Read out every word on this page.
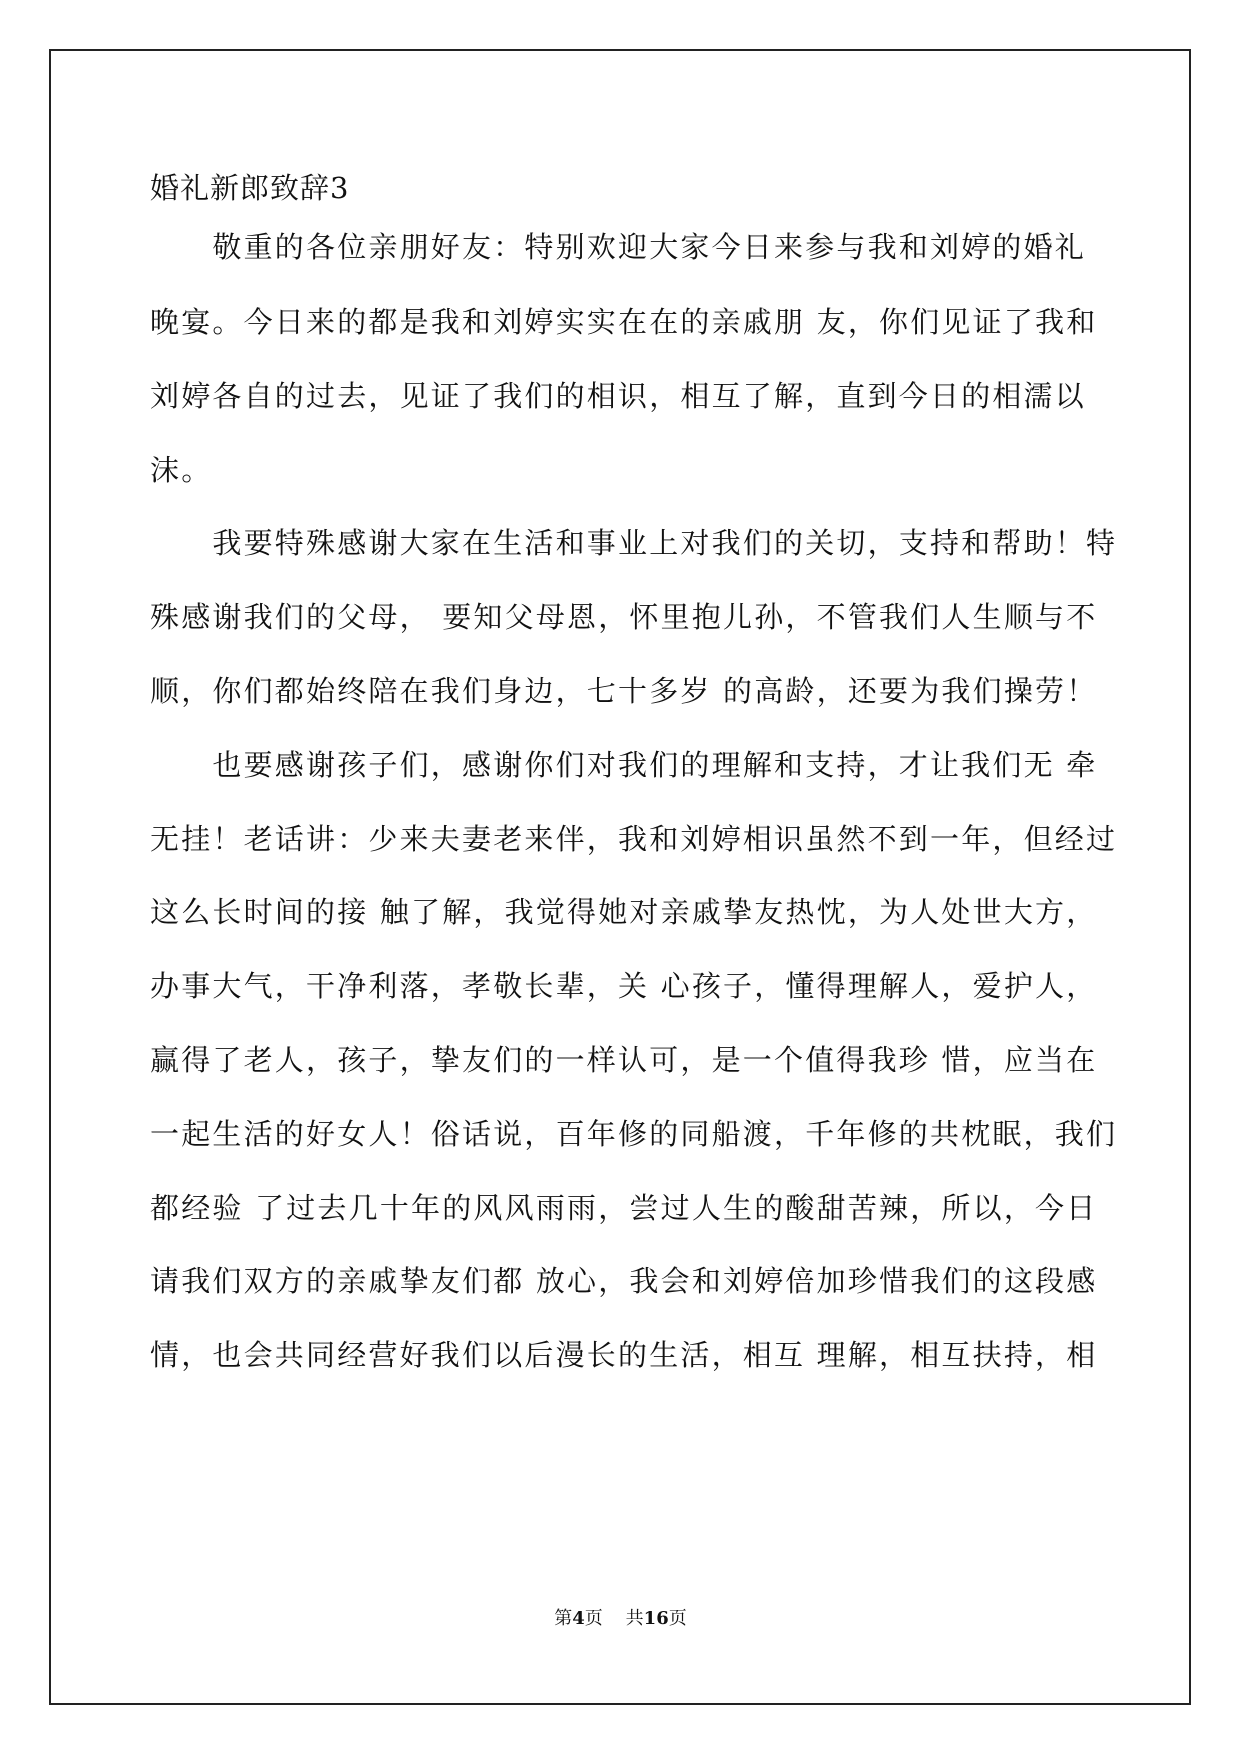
婚礼新郎致辞3
　　敬重的各位亲朋好友：特别欢迎大家今日来参与我和刘婷的婚礼
晚宴。今日来的都是我和刘婷实实在在的亲戚朋 友，你们见证了我和
刘婷各自的过去，见证了我们的相识，相互了解，直到今日的相濡以
沫。
　　我要特殊感谢大家在生活和事业上对我们的关切，支持和帮助！特
殊感谢我们的父母， 要知父母恩，怀里抱儿孙，不管我们人生顺与不
顺，你们都始终陪在我们身边，七十多岁 的高龄，还要为我们操劳！
　　也要感谢孩子们，感谢你们对我们的理解和支持，才让我们无 牵
无挂！老话讲：少来夫妻老来伴，我和刘婷相识虽然不到一年，但经过
这么长时间的接 触了解，我觉得她对亲戚挚友热忱，为人处世大方，
办事大气，干净利落，孝敬长辈，关 心孩子，懂得理解人，爱护人，
赢得了老人，孩子，挚友们的一样认可，是一个值得我珍 惜，应当在
一起生活的好女人！俗话说，百年修的同船渡，千年修的共枕眠，我们
都经验 了过去几十年的风风雨雨，尝过人生的酸甜苦辣，所以，今日
请我们双方的亲戚挚友们都 放心，我会和刘婷倍加珍惜我们的这段感
情，也会共同经营好我们以后漫长的生活，相互 理解，相互扶持，相
第4页 共16页
